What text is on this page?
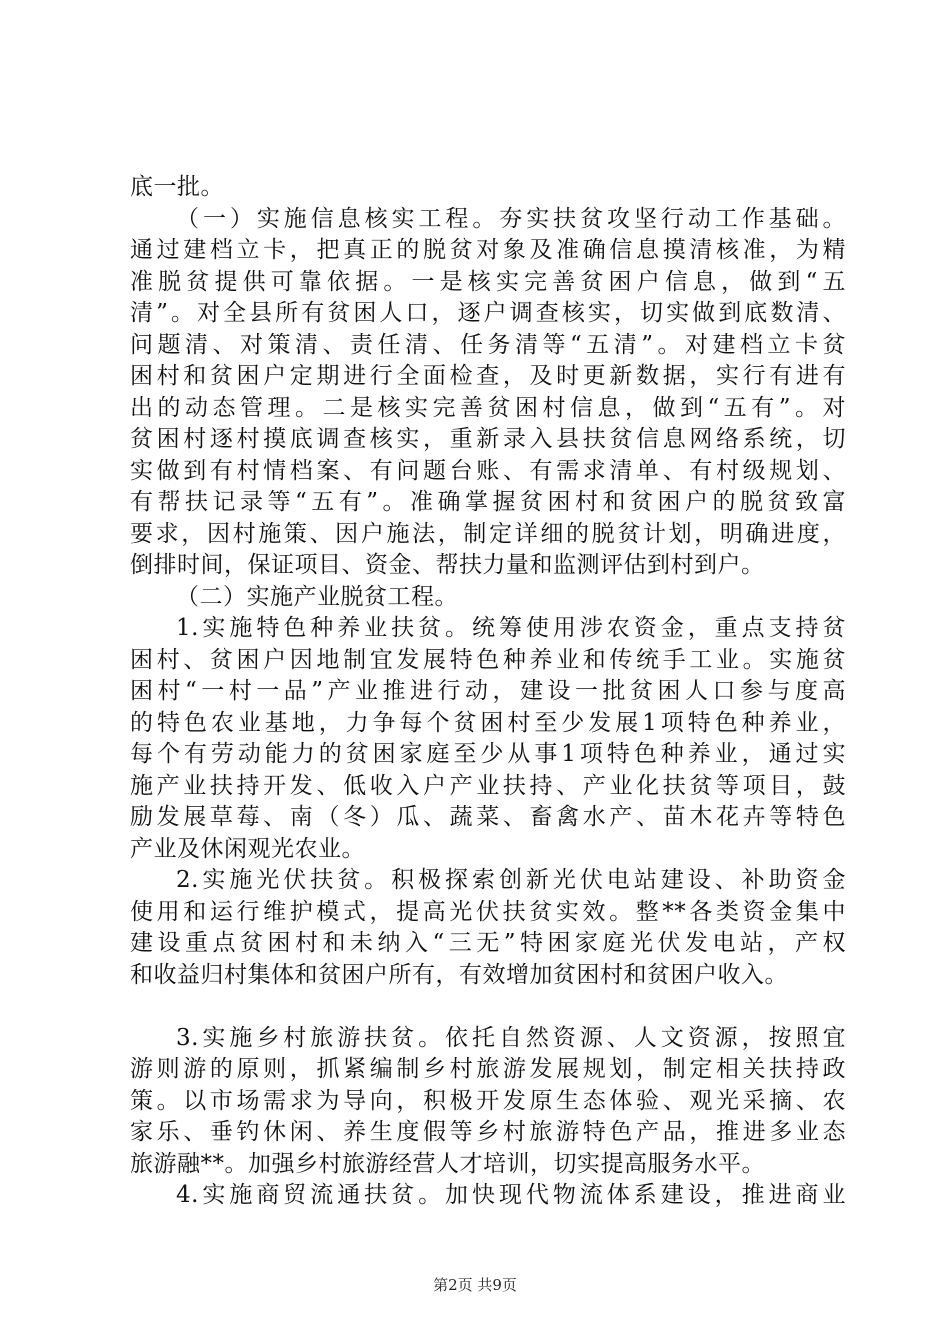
底一批。
（一）实施信息核实工程。夯实扶贫攻坚行动工作基础。
通过建档立卡，把真正的脱贫对象及准确信息摸清核准，为精
准脱贫提供可靠依据。一是核实完善贫困户信息，做到“五
清”。对全县所有贫困人口，逐户调查核实，切实做到底数清、
问题清、对策清、责任清、任务清等“五清”。对建档立卡贫
困村和贫困户定期进行全面检查，及时更新数据，实行有进有
出的动态管理。二是核实完善贫困村信息，做到“五有”。对
贫困村逐村摸底调查核实，重新录入县扶贫信息网络系统，切
实做到有村情档案、有问题台账、有需求清单、有村级规划、
有帮扶记录等“五有”。准确掌握贫困村和贫困户的脱贫致富
要求，因村施策、因户施法，制定详细的脱贫计划，明确进度，
倒排时间，保证项目、资金、帮扶力量和监测评估到村到户。
（二）实施产业脱贫工程。
1.实施特色种养业扶贫。统筹使用涉农资金，重点支持贫
困村、贫困户因地制宜发展特色种养业和传统手工业。实施贫
困村“一村一品”产业推进行动，建设一批贫困人口参与度高
的特色农业基地，力争每个贫困村至少发展1项特色种养业，
每个有劳动能力的贫困家庭至少从事1项特色种养业，通过实
施产业扶持开发、低收入户产业扶持、产业化扶贫等项目，鼓
励发展草莓、南（冬）瓜、蔬菜、畜禽水产、苗木花卉等特色
产业及休闲观光农业。
2.实施光伏扶贫。积极探索创新光伏电站建设、补助资金
使用和运行维护模式，提高光伏扶贫实效。整**各类资金集中
建设重点贫困村和未纳入“三无”特困家庭光伏发电站，产权
和收益归村集体和贫困户所有，有效增加贫困村和贫困户收入。
3.实施乡村旅游扶贫。依托自然资源、人文资源，按照宜
游则游的原则，抓紧编制乡村旅游发展规划，制定相关扶持政
策。以市场需求为导向，积极开发原生态体验、观光采摘、农
家乐、垂钓休闲、养生度假等乡村旅游特色产品，推进多业态
旅游融**。加强乡村旅游经营人才培训，切实提高服务水平。
4.实施商贸流通扶贫。加快现代物流体系建设，推进商业
第2页 共9页
